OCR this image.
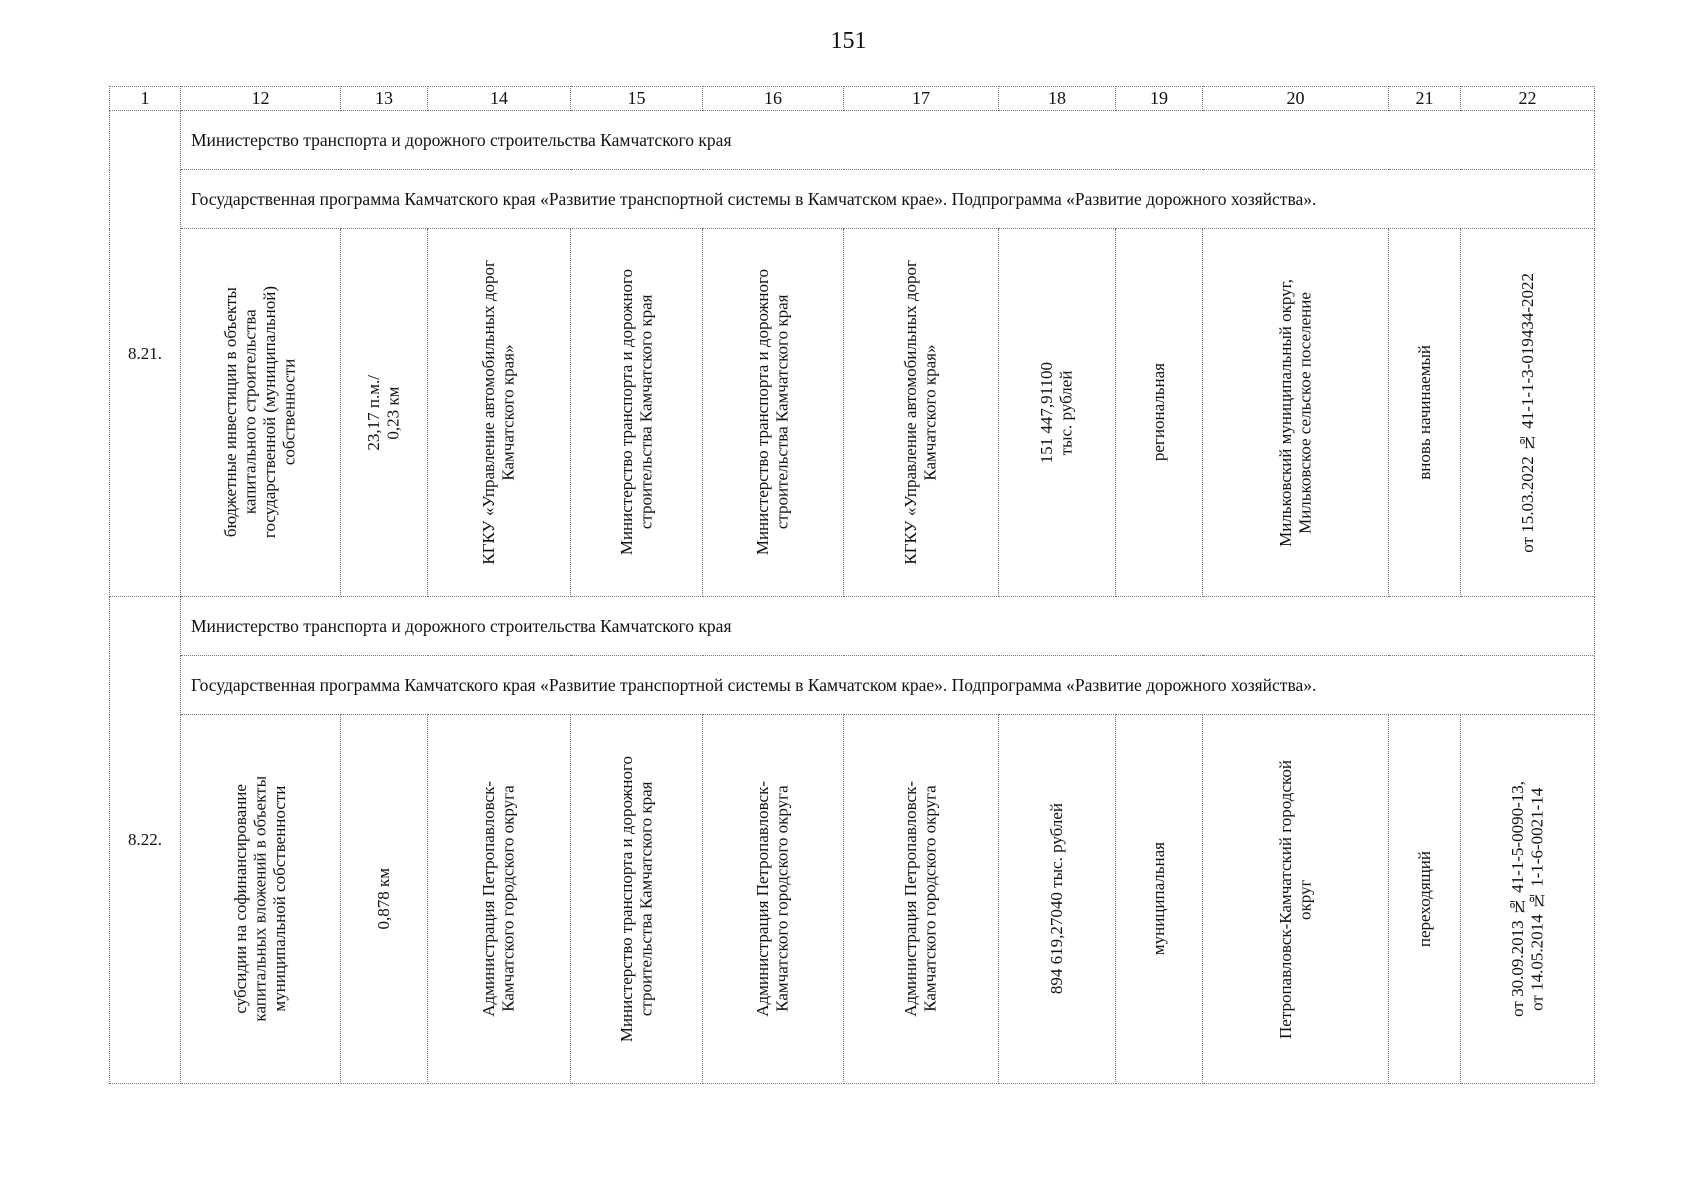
151
1	12	13	14	15	16	17	18	19	20	21	22
8.21.	Министерство транспорта и дорожного строительства Камчатского края										
	Государственная программа Камчатского края «Развитие транспортной системы в Камчатском крае». Подпрограмма «Развитие дорожного хозяйства».										

	бюджетные инвестиции в объекты
капитального строительства
государственной (муниципальной)
собственности	23,17 п.м./
0,23 км	КГКУ «Управление автомобильных дорог
Камчатского края»	Министерство транспорта и дорожного
строительства Камчатского края	Министерство транспорта и дорожного
строительства Камчатского края	КГКУ «Управление автомобильных дорог
Камчатского края»	151 447,91100
тыс. рублей	региональная	Мильковский муниципальный округ,
Мильковское сельское поселение	вновь начинаемый	от 15.03.2022 № 41-1-1-3-019434-2022

8.22.	Министерство транспорта и дорожного строительства Камчатского края										
	Государственная программа Камчатского края «Развитие транспортной системы в Камчатском крае». Подпрограмма «Развитие дорожного хозяйства».										

	субсидии на софинансирование
капитальных вложений в объекты
муниципальной собственности	0,878 км	Администрация Петропавловск-
Камчатского городского округа	Министерство транспорта и дорожного
строительства Камчатского края	Администрация Петропавловск-
Камчатского городского округа	Администрация Петропавловск-
Камчатского городского округа	894 619,27040 тыс. рублей	муниципальная	Петропавловск-Камчатский городской
округ	переходящий	от 30.09.2013 № 41-1-5-0090-13,
от 14.05.2014 № 1-1-6-0021-14
